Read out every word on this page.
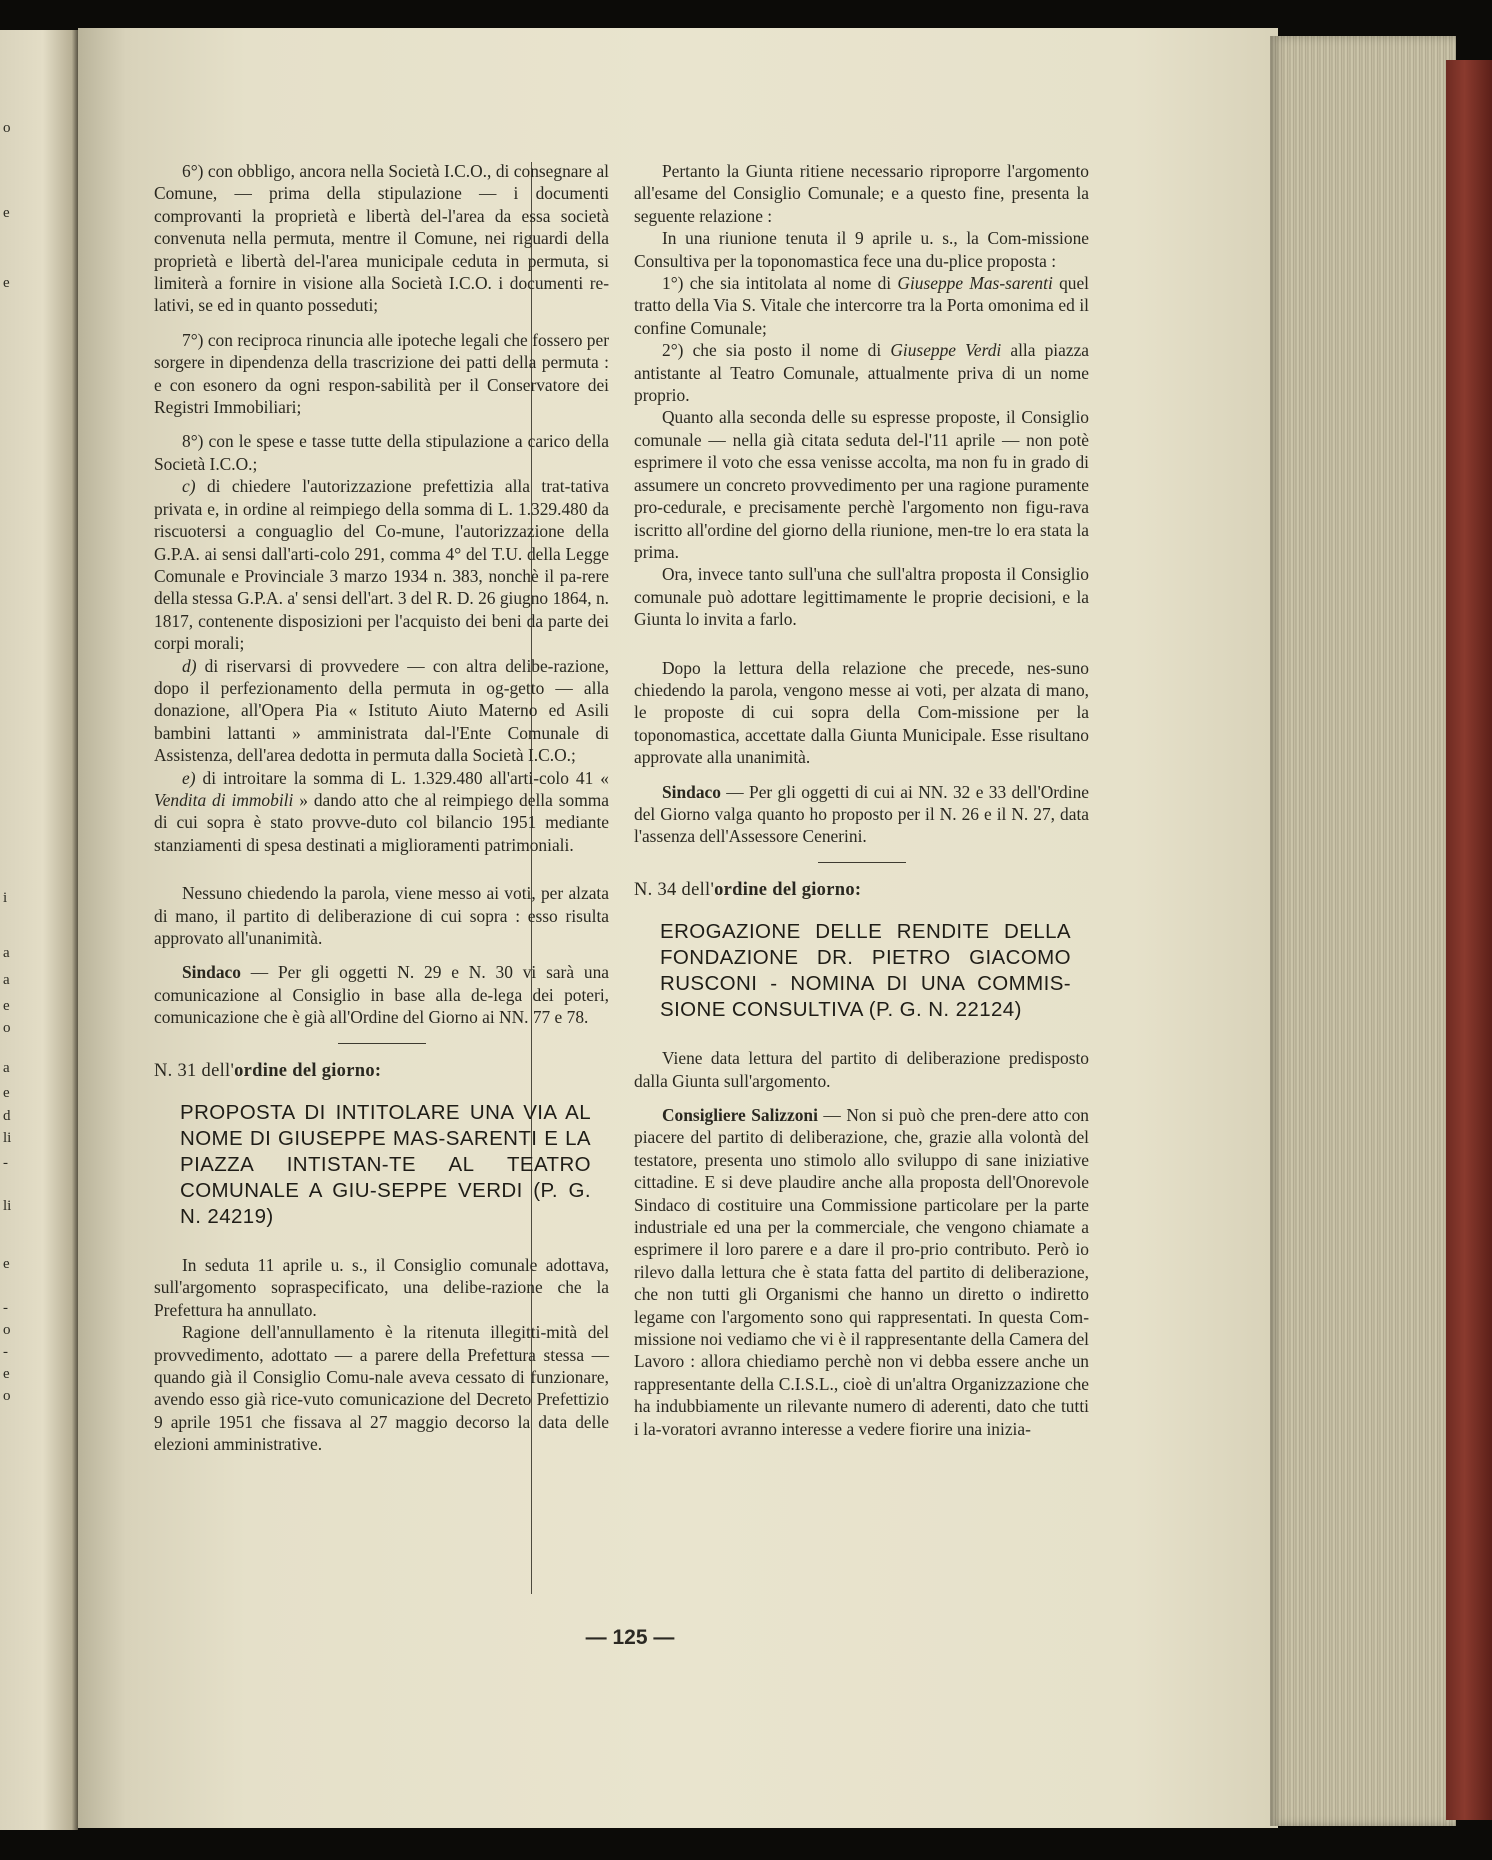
o
e
e
i
a
a
e
o
a
e
d
li
-
li
e
-
o
-
e
o

6°) con obbligo, ancora nella Società I.C.O., di consegnare al Comune, — prima della stipulazione — i documenti comprovanti la proprietà e libertà del-l'area da essa società convenuta nella permuta, mentre il Comune, nei riguardi della proprietà e libertà del-l'area municipale ceduta in permuta, si limiterà a fornire in visione alla Società I.C.O. i documenti re-lativi, se ed in quanto posseduti;

7°) con reciproca rinuncia alle ipoteche legali che fossero per sorgere in dipendenza della trascrizione dei patti della permuta : e con esonero da ogni respon-sabilità per il Conservatore dei Registri Immobiliari;

8°) con le spese e tasse tutte della stipulazione a carico della Società I.C.O.;

c) di chiedere l'autorizzazione prefettizia alla trat-tativa privata e, in ordine al reimpiego della somma di L. 1.329.480 da riscuotersi a conguaglio del Co-mune, l'autorizzazione della G.P.A. ai sensi dall'arti-colo 291, comma 4° del T.U. della Legge Comunale e Provinciale 3 marzo 1934 n. 383, nonchè il pa-rere della stessa G.P.A. a' sensi dell'art. 3 del R. D. 26 giugno 1864, n. 1817, contenente disposizioni per l'acquisto dei beni da parte dei corpi morali;

d) di riservarsi di provvedere — con altra delibe-razione, dopo il perfezionamento della permuta in og-getto — alla donazione, all'Opera Pia « Istituto Aiuto Materno ed Asili bambini lattanti » amministrata dal-l'Ente Comunale di Assistenza, dell'area dedotta in permuta dalla Società I.C.O.;

e) di introitare la somma di L. 1.329.480 all'arti-colo 41 « Vendita di immobili » dando atto che al reimpiego della somma di cui sopra è stato provve-duto col bilancio 1951 mediante stanziamenti di spesa destinati a miglioramenti patrimoniali.

Nessuno chiedendo la parola, viene messo ai voti, per alzata di mano, il partito di deliberazione di cui sopra : esso risulta approvato all'unanimità.

Sindaco — Per gli oggetti N. 29 e N. 30 vi sarà una comunicazione al Consiglio in base alla de-lega dei poteri, comunicazione che è già all'Ordine del Giorno ai NN. 77 e 78.

N. 31 dell'ordine del giorno:
PROPOSTA DI INTITOLARE UNA VIA AL NOME DI GIUSEPPE MAS-SARENTI E LA PIAZZA INTISTAN-TE AL TEATRO COMUNALE A GIU-SEPPE VERDI (P. G. N. 24219)

In seduta 11 aprile u. s., il Consiglio comunale adottava, sull'argomento sopraspecificato, una delibe-razione che la Prefettura ha annullato.

Ragione dell'annullamento è la ritenuta illegitti-mità del provvedimento, adottato — a parere della Prefettura stessa — quando già il Consiglio Comu-nale aveva cessato di funzionare, avendo esso già rice-vuto comunicazione del Decreto Prefettizio 9 aprile 1951 che fissava al 27 maggio decorso la data delle elezioni amministrative.

Pertanto la Giunta ritiene necessario riproporre l'argomento all'esame del Consiglio Comunale; e a questo fine, presenta la seguente relazione :

In una riunione tenuta il 9 aprile u. s., la Com-missione Consultiva per la toponomastica fece una du-plice proposta :

1°) che sia intitolata al nome di Giuseppe Mas-sarenti quel tratto della Via S. Vitale che intercorre tra la Porta omonima ed il confine Comunale;

2°) che sia posto il nome di Giuseppe Verdi alla piazza antistante al Teatro Comunale, attualmente priva di un nome proprio.

Quanto alla seconda delle su espresse proposte, il Consiglio comunale — nella già citata seduta del-l'11 aprile — non potè esprimere il voto che essa venisse accolta, ma non fu in grado di assumere un concreto provvedimento per una ragione puramente pro-cedurale, e precisamente perchè l'argomento non figu-rava iscritto all'ordine del giorno della riunione, men-tre lo era stata la prima.

Ora, invece tanto sull'una che sull'altra proposta il Consiglio comunale può adottare legittimamente le proprie decisioni, e la Giunta lo invita a farlo.

Dopo la lettura della relazione che precede, nes-suno chiedendo la parola, vengono messe ai voti, per alzata di mano, le proposte di cui sopra della Com-missione per la toponomastica, accettate dalla Giunta Municipale. Esse risultano approvate alla unanimità.

Sindaco — Per gli oggetti di cui ai NN. 32 e 33 dell'Ordine del Giorno valga quanto ho proposto per il N. 26 e il N. 27, data l'assenza dell'Assessore Cenerini.

N. 34 dell'ordine del giorno:
EROGAZIONE DELLE RENDITE DELLA FONDAZIONE DR. PIETRO GIACOMO RUSCONI - NOMINA DI UNA COMMIS-SIONE CONSULTIVA (P. G. N. 22124)

Viene data lettura del partito di deliberazione predisposto dalla Giunta sull'argomento.

Consigliere Salizzoni — Non si può che pren-dere atto con piacere del partito di deliberazione, che, grazie alla volontà del testatore, presenta uno stimolo allo sviluppo di sane iniziative cittadine. E si deve plaudire anche alla proposta dell'Onorevole Sindaco di costituire una Commissione particolare per la parte industriale ed una per la commerciale, che vengono chiamate a esprimere il loro parere e a dare il pro-prio contributo. Però io rilevo dalla lettura che è stata fatta del partito di deliberazione, che non tutti gli Organismi che hanno un diretto o indiretto legame con l'argomento sono qui rappresentati. In questa Com-missione noi vediamo che vi è il rappresentante della Camera del Lavoro : allora chiediamo perchè non vi debba essere anche un rappresentante della C.I.S.L., cioè di un'altra Organizzazione che ha indubbiamente un rilevante numero di aderenti, dato che tutti i la-voratori avranno interesse a vedere fiorire una inizia-

— 125 —
